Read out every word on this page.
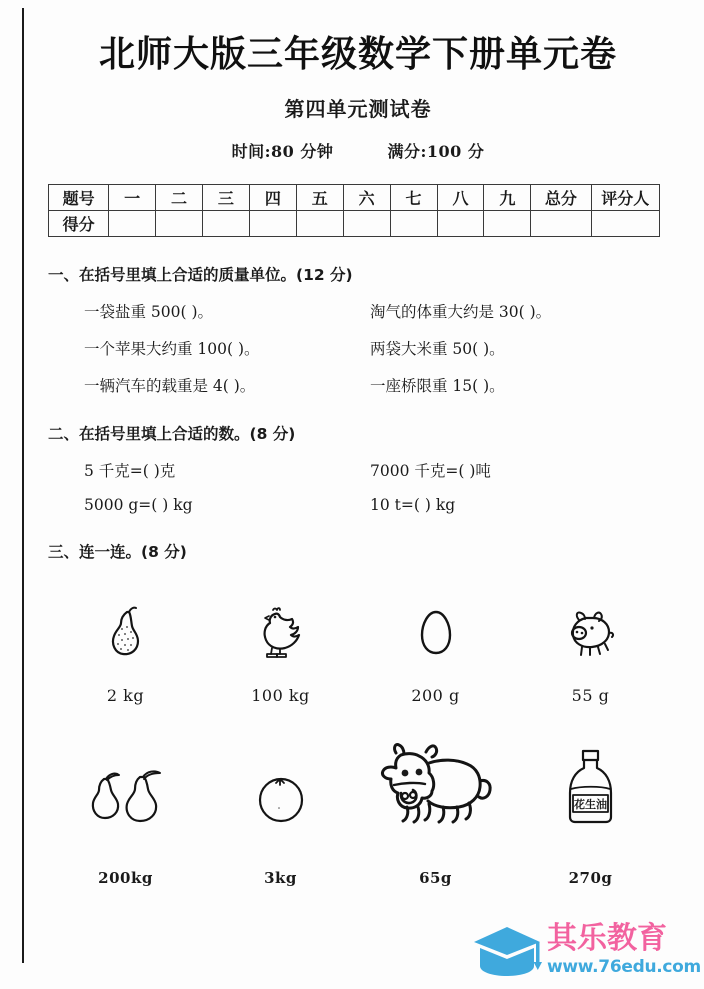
北师大版三年级数学下册单元卷
第四单元测试卷
时间:80 分钟	满分:100 分
题号	一	二	三	四	五	六	七	八	九	总分	评分人
得分											
一、在括号里填上合适的质量单位。(12 分)
一袋盐重 500( )。	淘气的体重大约是 30( )。
一个苹果大约重 100( )。	两袋大米重 50( )。
一辆汽车的载重是 4( )。	一座桥限重 15( )。
二、在括号里填上合适的数。(8 分)
5 千克=( )克	7000 千克=( )吨
5000 g=( ) kg	10 t=( ) kg
三、连一连。(8 分)
2 kg	100 kg	200 g	55 g
花生油
200kg	3kg	65g	270g
其乐教育
www.76edu.com
